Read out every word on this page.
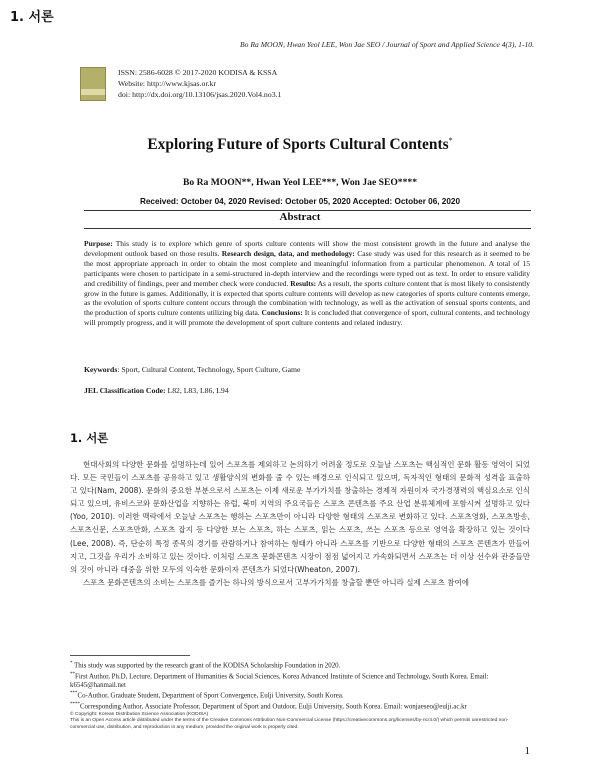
1. 서론
Bo Ra MOON, Hwan Yeol LEE, Won Jae SEO / Journal of Sport and Applied Science 4(3), 1-10.
ISSN: 2586-6028 © 2017-2020 KODISA & KSSA
Website: http://www.kjsas.or.kr
doi: http://dx.doi.org/10.13106/jsas.2020.Vol4.no3.1
Exploring Future of Sports Cultural Contents*
Bo Ra MOON**, Hwan Yeol LEE***, Won Jae SEO****
Received: October 04, 2020 Revised: October 05, 2020 Accepted: October 06, 2020
Abstract
Purpose: This study is to explore which genre of sports culture contents will show the most consistent growth in the future and analyse the development outlook based on those results. Research design, data, and methodology: Case study was used for this research as it seemed to be the most appropriate approach in order to obtain the most complete and meaningful information from a particular phenomenon. A total of 15 participants were chosen to participate in a semi-structured in-depth interview and the recordings were typed out as text. In order to ensure validity and credibility of findings, peer and member check were conducted. Results: As a result, the sports culture content that is most likely to consistently grow in the future is games. Additionally, it is expected that sports culture contents will develop as new categories of sports culture contents emerge, as the evolution of sports culture content occurs through the combination with technology, as well as the activation of sensual sports contents, and the production of sports culture contents utilizing big data. Conclusions: It is concluded that convergence of sport, cultural contents, and technology will promptly progress, and it will promote the development of sport culture contents and related industry.
Keywords: Sport, Cultural Content, Technology, Sport Culture, Game
JEL Classification Code: L82, L83, L86, L94
1. 서론

현대사회의 다양한 문화를 설명하는데 있어 스포츠를 제외하고 논의하기 어려울 정도로 오늘날 스포츠는 핵심적인 문화 활동 영역이 되었다. 모든 국민들이 스포츠를 공유하고 있고 생활양식의 변화를 줄 수 있는 배경으로 인식되고 있으며, 독자적인 형태의 문화적 성격을 표출하고 있다(Nam, 2008). 문화의 중요한 부분으로서 스포츠는 이제 새로운 부가가치를 창출하는 경제적 자원이자 국가경쟁력의 핵심요소로 인식되고 있으며, 유비스코와 문화산업을 지향하는 유럽, 북미 지역의 주요국들은 스포츠 콘텐츠를 주요 산업 분류체계에 포함시켜 설명하고 있다 (Yoo, 2010). 이러한 맥락에서 오늘날 스포츠는 행하는 스포츠만이 아니라 다양한 형태의 스포츠로 변화하고 있다. 스포츠영화, 스포츠방송, 스포츠신문, 스포츠만화, 스포츠 잡지 등 다양한 보는 스포츠, 하는 스포츠, 읽는 스포츠, 쓰는 스포츠 등으로 영역을 확장하고 있는 것이다(Lee, 2008). 즉, 단순히 특정 종목의 경기를 관람하거나 참여하는 형태가 아니라 스포츠를 기반으로 다양한 형태의 스포츠 콘텐츠가 만들어지고, 그것을 우리가 소비하고 있는 것이다. 이처럼 스포츠 문화콘텐츠 시장이 점점 넓어지고 가속화되면서 스포츠는 더 이상 선수와 관중들만의 것이 아니라 대중을 위한 모두의 익숙한 문화이자 콘텐츠가 되었다(Wheaton, 2007).

스포츠 문화콘텐츠의 소비는 스포츠를 즐기는 하나의 방식으로서 고부가가치를 창출할 뿐만 아니라 실제 스포츠 참여에

* This study was supported by the research grant of the KODISA Scholarship Foundation in 2020.
**First Author, Ph.D, Lecture, Department of Humanities & Social Sciences, Korea Advanced Institute of Science and Technology, South Korea. Email: k6545@hanmail.net
***Co-Author, Graduate Student, Department of Sport Convergence, Eulji University, South Korea.
****Corresponding Author, Associate Professor, Department of Sport and Outdoor, Eulji University, South Korea. Email: wonjaeseo@eulji.ac.kr
© Copyright: Korean Distribution Science Association (KODISA)
This is an Open Access article distributed under the terms of the Creative Commons Attribution Non-Commercial License (https://creativecommons.org/licenses/by-nc/4.0/) which permits unrestricted non-commercial use, distribution, and reproduction in any medium, provided the original work is properly cited.
1
